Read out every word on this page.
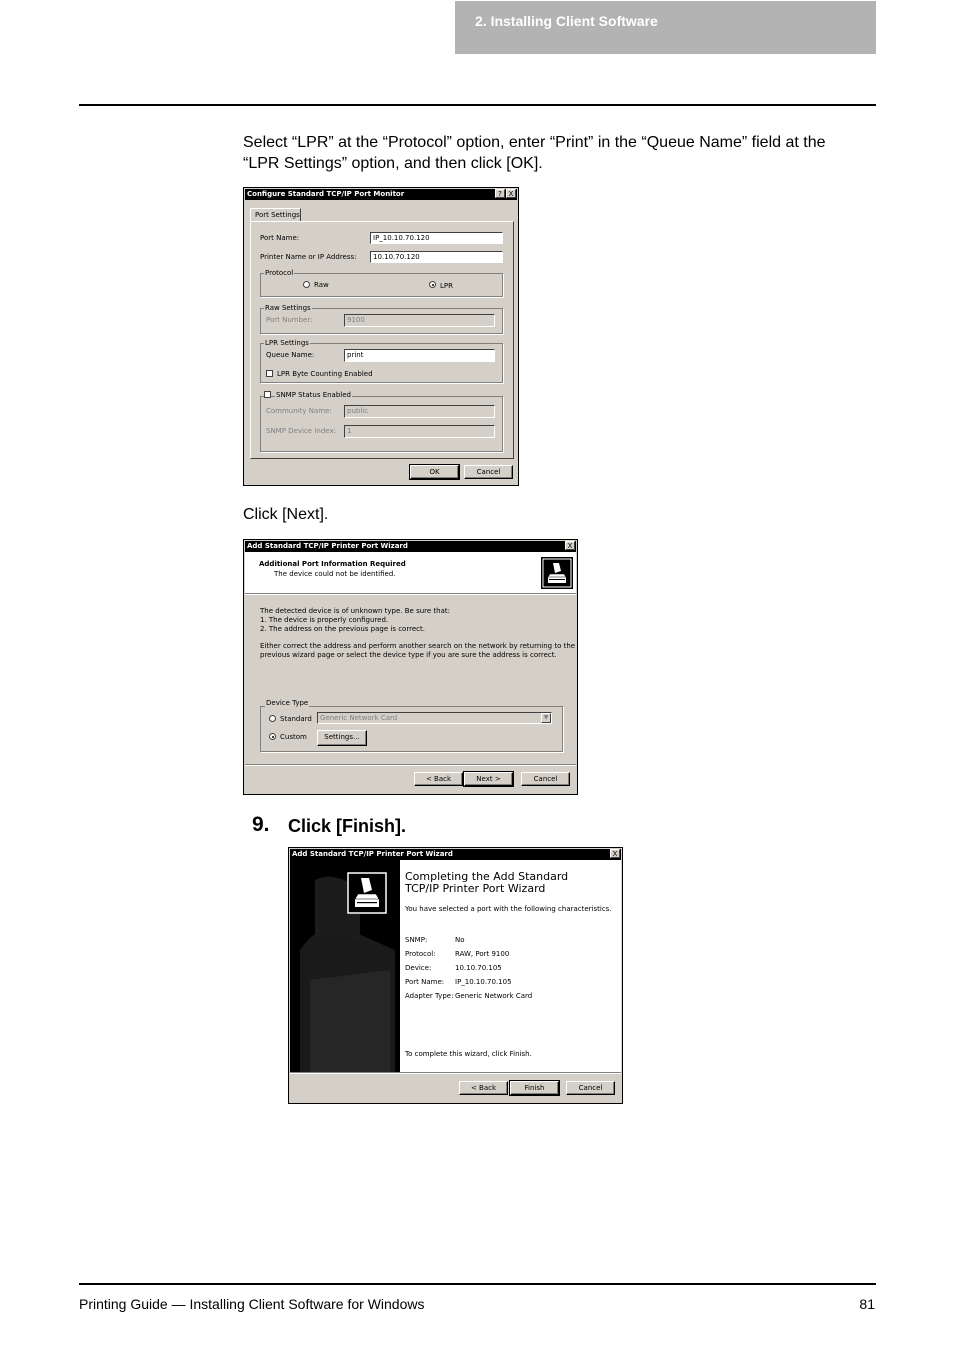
2. Installing Client Software
Select “LPR” at the “Protocol” option, enter “Print” in the “Queue Name” field at the “LPR Settings” option, and then click [OK].
Configure Standard TCP/IP Port Monitor	? X
Port Settings
Port Name:	IP_10.10.70.120
Printer Name or IP Address:	10.10.70.120
Protocol
Raw	LPR
Raw Settings
Port Number:	9100
LPR Settings
Queue Name:	print
LPR Byte Counting Enabled
SNMP Status Enabled
Community Name:	public
SNMP Device Index:	1
OK	Cancel
Click [Next].
Add Standard TCP/IP Printer Port Wizard	X
Additional Port Information Required
The device could not be identified.
The detected device is of unknown type. Be sure that:
1. The device is properly configured.
2. The address on the previous page is correct.
Either correct the address and perform another search on the network by returning to the
previous wizard page or select the device type if you are sure the address is correct.
Device Type
Standard	Generic Network Card	▼
Custom	Settings...
< Back	Next >	Cancel
9. Click [Finish].
Add Standard TCP/IP Printer Port Wizard	X
Completing the Add Standard
TCP/IP Printer Port Wizard
You have selected a port with the following characteristics.
SNMP:	No
Protocol:	RAW, Port 9100
Device:	10.10.70.105
Port Name: IP_10.10.70.105
Adapter Type: Generic Network Card
To complete this wizard, click Finish.
< Back	Finish	Cancel
Printing Guide — Installing Client Software for Windows	81
